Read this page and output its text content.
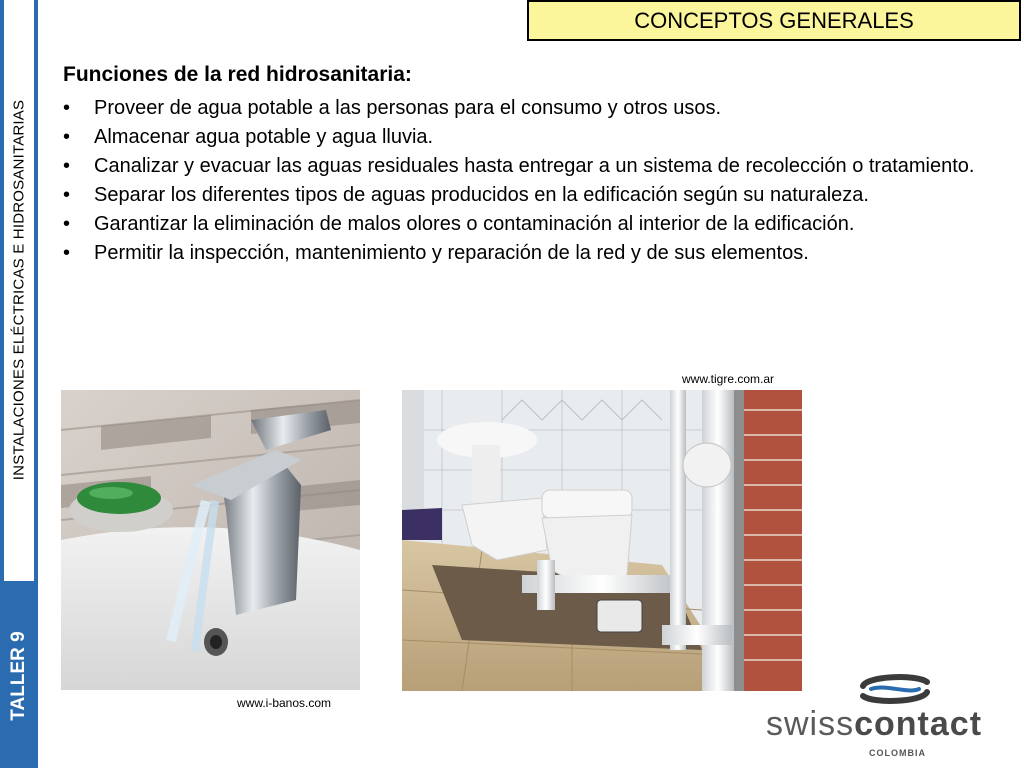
INSTALACIONES ELÉCTRICAS E HIDROSANITARIAS
TALLER 9
CONCEPTOS GENERALES
Funciones de la red hidrosanitaria:
• Proveer de agua potable a las personas para el consumo y otros usos.
• Almacenar agua potable y agua lluvia.
• Canalizar y evacuar las aguas residuales hasta entregar a un sistema de recolección o tratamiento.
• Separar los diferentes tipos de aguas producidos en la edificación según su naturaleza.
• Garantizar la eliminación de malos olores o contaminación al interior de la edificación.
• Permitir la inspección, mantenimiento y reparación de la red y de sus elementos.
www.tigre.com.ar
www.i-banos.com
swisscontact
COLOMBIA
